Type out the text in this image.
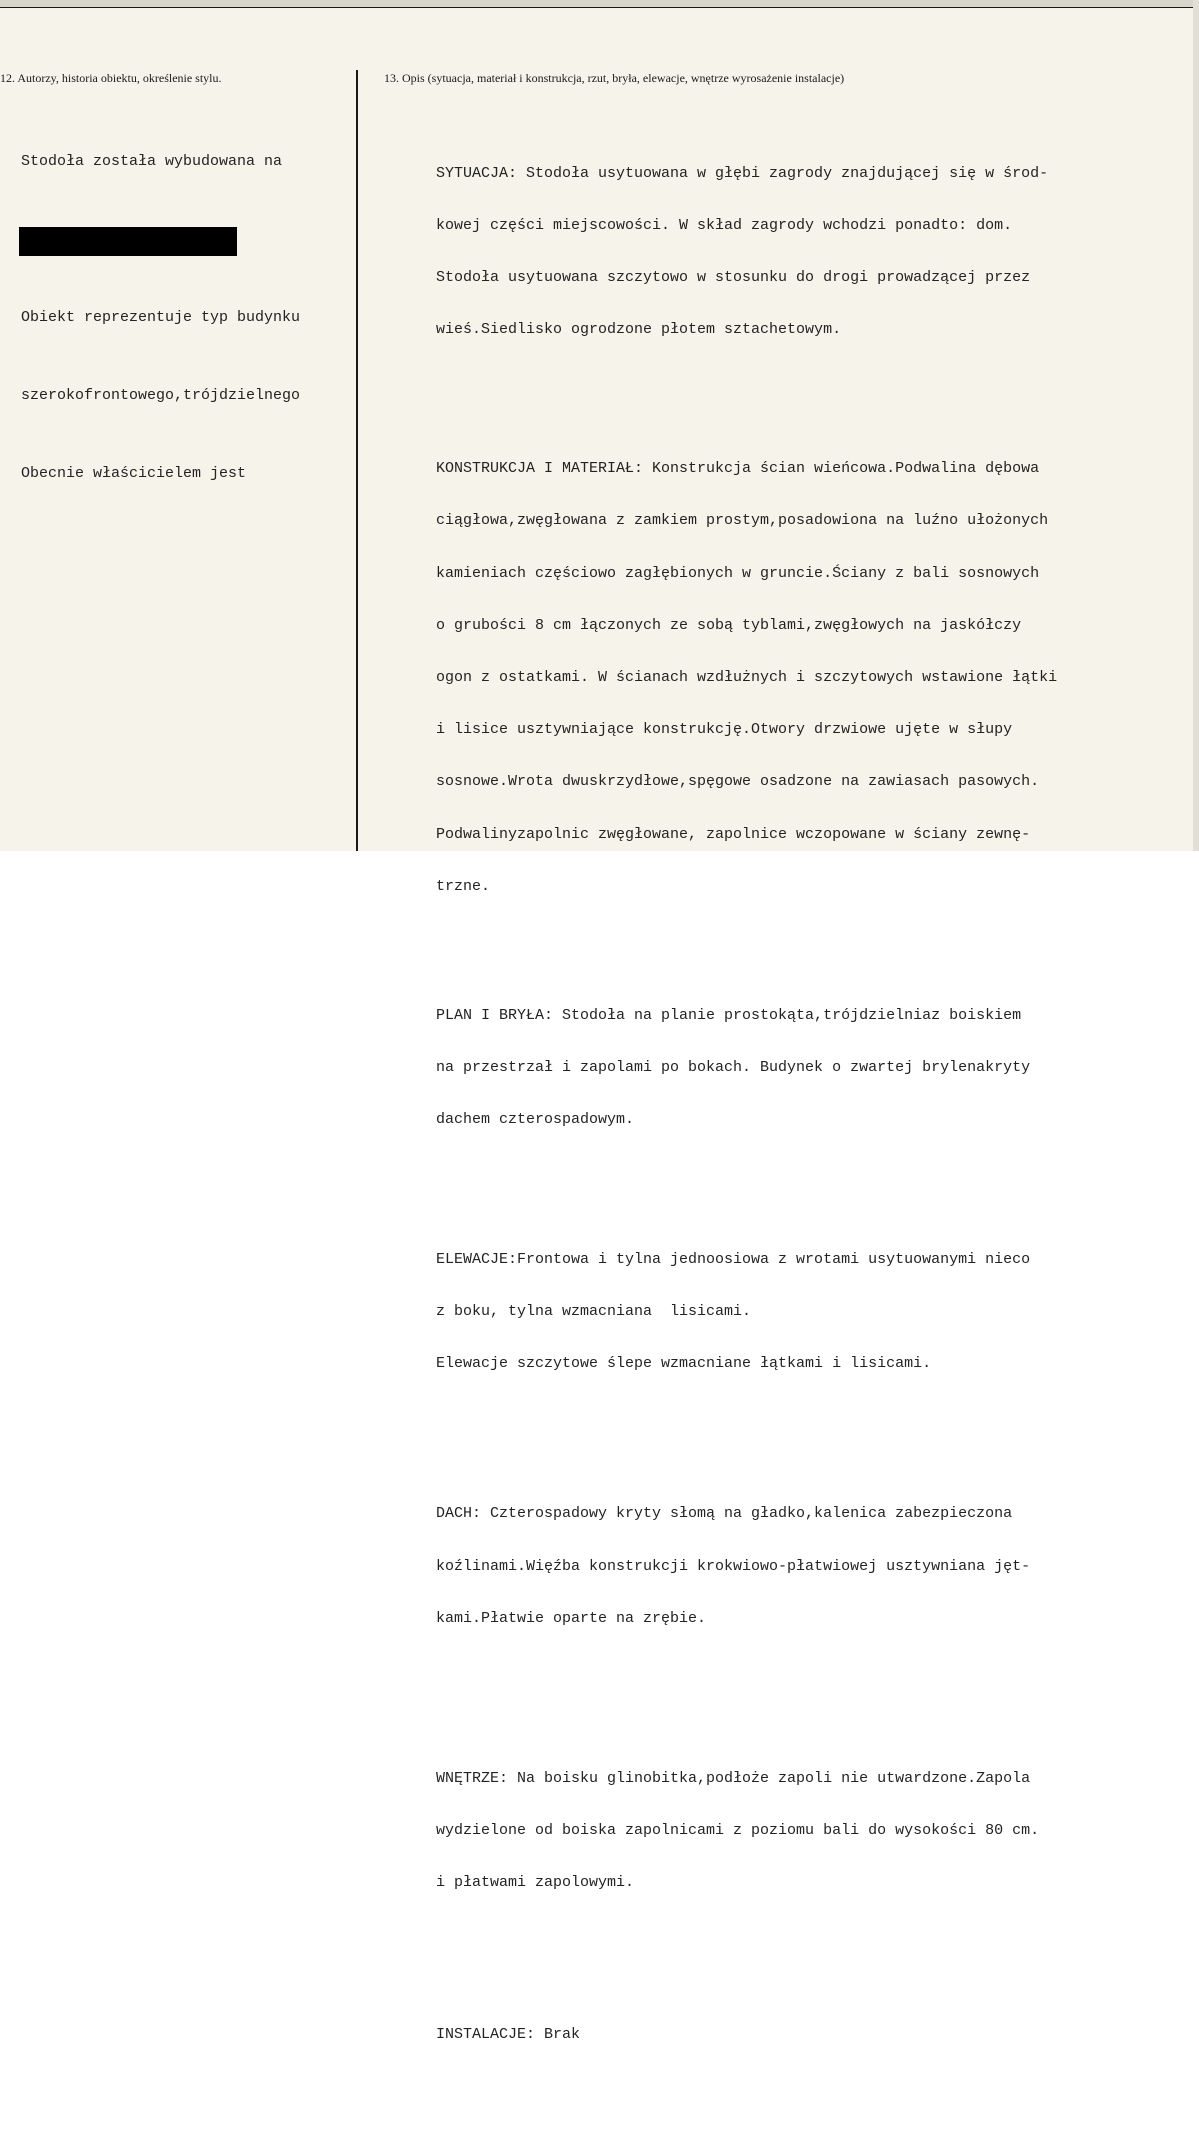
12. Autorzy, historia obiektu, określenie stylu.	13. Opis (sytuacja, materiał i konstrukcja, rzut, bryła, elewacje, wnętrze wyrosażenie instalacje)

Stodoła została wybudowana na

Obiekt reprezentuje typ budynku

szerokofrontowego,trójdzielnego

Obecnie właścicielem jest

SYTUACJA: Stodoła usytuowana w głębi zagrody znajdującej się w środ-

kowej części miejscowości. W skład zagrody wchodzi ponadto: dom.

Stodoła usytuowana szczytowo w stosunku do drogi prowadzącej przez

wieś.Siedlisko ogrodzone płotem sztachetowym.

KONSTRUKCJA I MATERIAŁ: Konstrukcja ścian wieńcowa.Podwalina dębowa

ciągłowa,zwęgłowana z zamkiem prostym,posadowiona na luźno ułożonych

kamieniach częściowo zagłębionych w gruncie.Ściany z bali sosnowych

o grubości 8 cm łączonych ze sobą tyblami,zwęgłowych na jaskółczy

ogon z ostatkami. W ścianach wzdłużnych i szczytowych wstawione łątki

i lisice usztywniające konstrukcję.Otwory drzwiowe ujęte w słupy

sosnowe.Wrota dwuskrzydłowe,spęgowe osadzone na zawiasach pasowych.

Podwalinyzapolnic zwęgłowane, zapolnice wczopowane w ściany zewnę-

trzne.

PLAN I BRYŁA: Stodoła na planie prostokąta,trójdzielniaz boiskiem

na przestrzał i zapolami po bokach. Budynek o zwartej brylenakryty

dachem czterospadowym.

ELEWACJE:Frontowa i tylna jednoosiowa z wrotami usytuowanymi nieco

z boku, tylna wzmacniana  lisicami.

Elewacje szczytowe ślepe wzmacniane łątkami i lisicami.

DACH: Czterospadowy kryty słomą na gładko,kalenica zabezpieczona

koźlinami.Więźba konstrukcji krokwiowo-płatwiowej usztywniana jęt-

kami.Płatwie oparte na zrębie.

WNĘTRZE: Na boisku glinobitka,podłoże zapoli nie utwardzone.Zapola

wydzielone od boiska zapolnicami z poziomu bali do wysokości 80 cm.

i płatwami zapolowymi.

INSTALACJE: Brak
